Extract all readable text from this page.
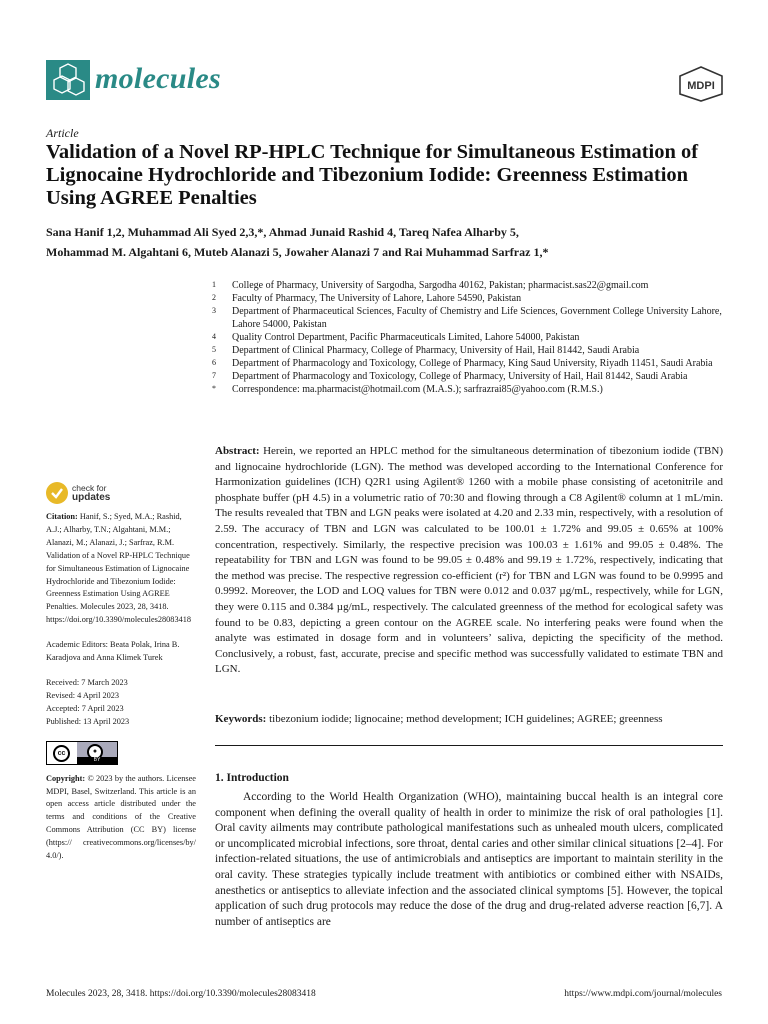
molecules	MDPI
Article
Validation of a Novel RP-HPLC Technique for Simultaneous Estimation of Lignocaine Hydrochloride and Tibezonium Iodide: Greenness Estimation Using AGREE Penalties
Sana Hanif 1,2, Muhammad Ali Syed 2,3,*, Ahmad Junaid Rashid 4, Tareq Nafea Alharby 5,
Mohammad M. Algahtani 6, Muteb Alanazi 5, Jowaher Alanazi 7 and Rai Muhammad Sarfraz 1,*
1	College of Pharmacy, University of Sargodha, Sargodha 40162, Pakistan; pharmacist.sas22@gmail.com
2	Faculty of Pharmacy, The University of Lahore, Lahore 54590, Pakistan
3	Department of Pharmaceutical Sciences, Faculty of Chemistry and Life Sciences, Government College University Lahore, Lahore 54000, Pakistan
4	Quality Control Department, Pacific Pharmaceuticals Limited, Lahore 54000, Pakistan
5	Department of Clinical Pharmacy, College of Pharmacy, University of Hail, Hail 81442, Saudi Arabia
6	Department of Pharmacology and Toxicology, College of Pharmacy, King Saud University, Riyadh 11451, Saudi Arabia
7	Department of Pharmacology and Toxicology, College of Pharmacy, University of Hail, Hail 81442, Saudi Arabia
*	Correspondence: ma.pharmacist@hotmail.com (M.A.S.); sarfrazrai85@yahoo.com (R.M.S.)
Abstract: Herein, we reported an HPLC method for the simultaneous determination of tibezonium iodide (TBN) and lignocaine hydrochloride (LGN). The method was developed according to the International Conference for Harmonization guidelines (ICH) Q2R1 using Agilent® 1260 with a mobile phase consisting of acetonitrile and phosphate buffer (pH 4.5) in a volumetric ratio of 70:30 and flowing through a C8 Agilent® column at 1 mL/min. The results revealed that TBN and LGN peaks were isolated at 4.20 and 2.33 min, respectively, with a resolution of 2.59. The accuracy of TBN and LGN was calculated to be 100.01 ± 1.72% and 99.05 ± 0.65% at 100% concentration, respectively. Similarly, the respective precision was 100.03 ± 1.61% and 99.05 ± 0.48%. The repeatability for TBN and LGN was found to be 99.05 ± 0.48% and 99.19 ± 1.72%, respectively, indicating that the method was precise. The respective regression co-efficient (r²) for TBN and LGN was found to be 0.9995 and 0.9992. Moreover, the LOD and LOQ values for TBN were 0.012 and 0.037 µg/mL, respectively, while for LGN, they were 0.115 and 0.384 µg/mL, respectively. The calculated greenness of the method for ecological safety was found to be 0.83, depicting a green contour on the AGREE scale. No interfering peaks were found when the analyte was estimated in dosage form and in volunteers’ saliva, depicting the specificity of the method. Conclusively, a robust, fast, accurate, precise and specific method was successfully validated to estimate TBN and LGN.
Keywords: tibezonium iodide; lignocaine; method development; ICH guidelines; AGREE; greenness
check for
updates
Citation: Hanif, S.; Syed, M.A.; Rashid, A.J.; Alharby, T.N.; Algahtani, M.M.; Alanazi, M.; Alanazi, J.; Sarfraz, R.M. Validation of a Novel RP-HPLC Technique for Simultaneous Estimation of Lignocaine Hydrochloride and Tibezonium Iodide: Greenness Estimation Using AGREE Penalties. Molecules 2023, 28, 3418. https://doi.org/10.3390/molecules28083418
Academic Editors: Beata Polak, Irina B. Karadjova and Anna Klimek Turek
Received: 7 March 2023
Revised: 4 April 2023
Accepted: 7 April 2023
Published: 13 April 2023
cc	●
BY
Copyright: © 2023 by the authors. Licensee MDPI, Basel, Switzerland. This article is an open access article distributed under the terms and conditions of the Creative Commons Attribution (CC BY) license (https:// creativecommons.org/licenses/by/ 4.0/).
1. Introduction
According to the World Health Organization (WHO), maintaining buccal health is an integral core component when defining the overall quality of health in order to minimize the risk of oral pathologies [1]. Oral cavity ailments may contribute pathological manifestations such as unhealed mouth ulcers, complicated or uncomplicated microbial infections, sore throat, dental caries and other similar clinical situations [2–4]. For infection-related situations, the use of antimicrobials and antiseptics are important to maintain sterility in the oral cavity. These strategies typically include treatment with antibiotics or combined either with NSAIDs, anesthetics or antiseptics to alleviate infection and the associated clinical symptoms [5]. However, the topical application of such drug protocols may reduce the dose of the drug and drug-related adverse reaction [6,7]. A number of antiseptics are
Molecules 2023, 28, 3418. https://doi.org/10.3390/molecules28083418	https://www.mdpi.com/journal/molecules
